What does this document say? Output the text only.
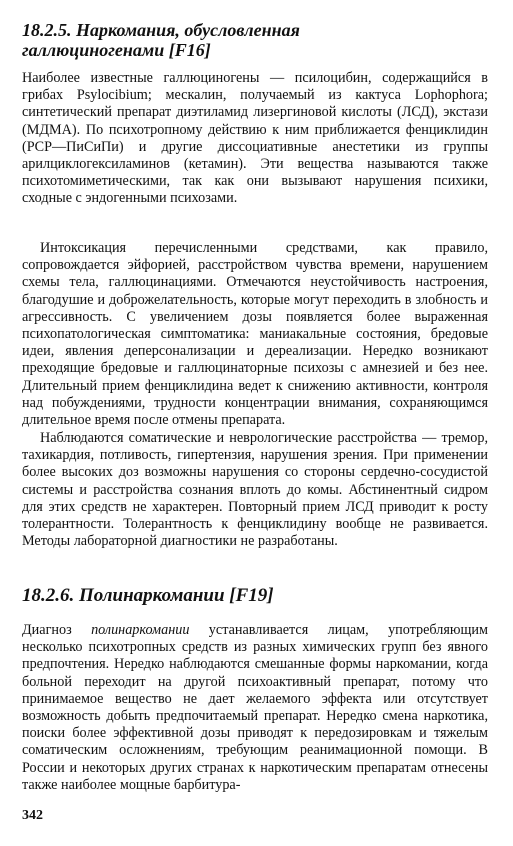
18.2.5. Наркомания, обусловленная
галлюциногенами [F16]

Наиболее известные галлюциногены — псилоцибин, содержащийся в грибах Psylocibium; мескалин, получаемый из кактуса Lophophora; синтетический препарат диэтиламид лизергиновой кислоты (ЛСД), экстази (МДМА). По психотропному действию к ним приближается фенциклидин (PCP—ПиСиПи) и другие диссоциативные анестетики из группы арилциклогексиламинов (кетамин). Эти вещества называются также психотомиметическими, так как они вызывают нарушения психики, сходные с эндогенными психозами.

Интоксикация перечисленными средствами, как правило, сопровождается эйфорией, расстройством чувства времени, нарушением схемы тела, галлюцинациями. Отмечаются неустойчивость настроения, благодушие и доброжелательность, которые могут переходить в злобность и агрессивность. С увеличением дозы появляется более выраженная психопатологическая симптоматика: маниакальные состояния, бредовые идеи, явления деперсонализации и дереализации. Нередко возникают преходящие бредовые и галлюцинаторные психозы с амнезией и без нее. Длительный прием фенциклидина ведет к снижению активности, контроля над побуждениями, трудности концентрации внимания, сохраняющимся длительное время после отмены препарата.

Наблюдаются соматические и неврологические расстройства — тремор, тахикардия, потливость, гипертензия, нарушения зрения. При применении более высоких доз возможны нарушения со стороны сердечно-сосудистой системы и расстройства сознания вплоть до комы. Абстинентный сидром для этих средств не характерен. Повторный прием ЛСД приводит к росту толерантности. Толерантность к фенциклидину вообще не развивается. Методы лабораторной диагностики не разработаны.

18.2.6. Полинаркомании [F19]

Диагноз полинаркомании устанавливается лицам, употребляющим несколько психотропных средств из разных химических групп без явного предпочтения. Нередко наблюдаются смешанные формы наркомании, когда больной переходит на другой психоактивный препарат, потому что принимаемое вещество не дает желаемого эффекта или отсутствует возможность добыть предпочитаемый препарат. Нередко смена наркотика, поиски более эффективной дозы приводят к передозировкам и тяжелым соматическим осложнениям, требующим реанимационной помощи. В России и некоторых других странах к наркотическим препаратам отнесены также наиболее мощные барбитура-

342
